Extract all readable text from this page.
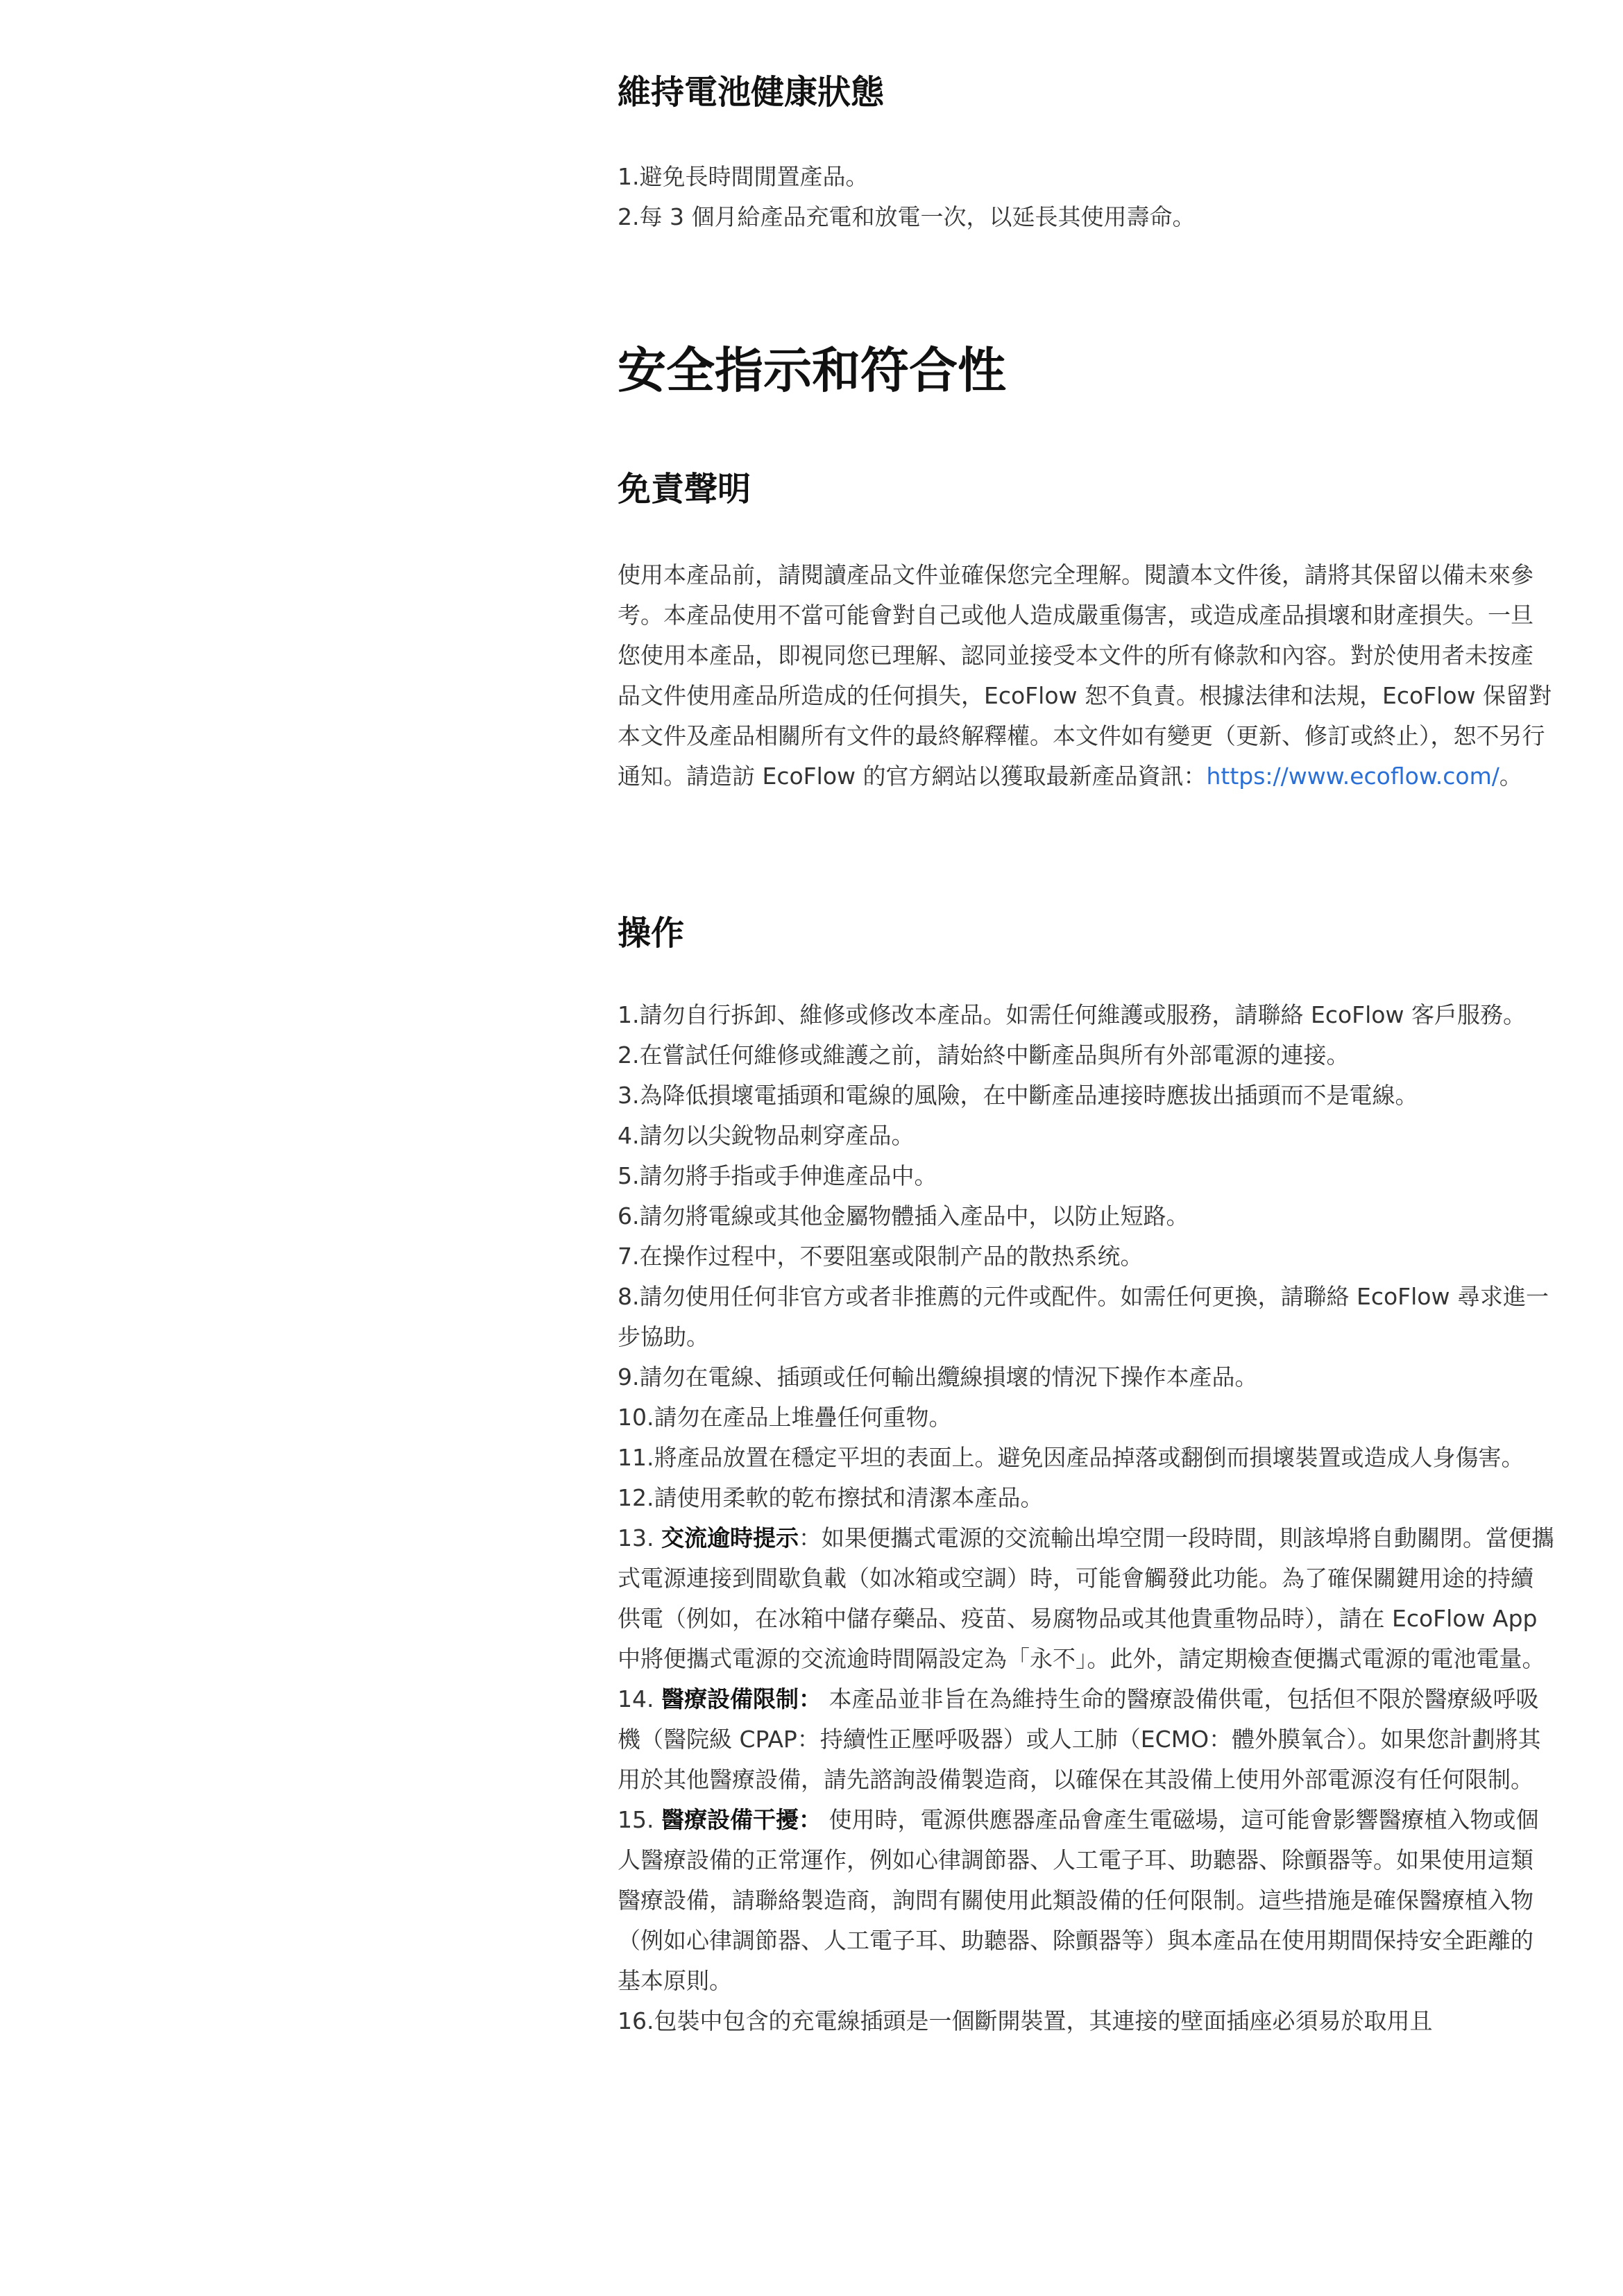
維持電池健康狀態
1.避免長時間閒置產品。
2.每 3 個月給產品充電和放電一次，以延長其使用壽命。
安全指示和符合性
免責聲明

使用本產品前，請閱讀產品文件並確保您完全理解。閱讀本文件後，請將其保留以備未來參考。本產品使用不當可能會對自己或他人造成嚴重傷害，或造成產品損壞和財產損失。一旦您使用本產品，即視同您已理解、認同並接受本文件的所有條款和內容。對於使用者未按產品文件使用產品所造成的任何損失，EcoFlow 恕不負責。根據法律和法規，EcoFlow 保留對本文件及產品相關所有文件的最終解釋權。本文件如有變更（更新、修訂或終止），恕不另行通知。請造訪 EcoFlow 的官方網站以獲取最新產品資訊：https://www.ecoflow.com/。

操作
1.請勿自行拆卸、維修或修改本產品。如需任何維護或服務，請聯絡 EcoFlow 客戶服務。
2.在嘗試任何維修或維護之前，請始終中斷產品與所有外部電源的連接。
3.為降低損壞電插頭和電線的風險，在中斷產品連接時應拔出插頭而不是電線。
4.請勿以尖銳物品刺穿產品。
5.請勿將手指或手伸進產品中。
6.請勿將電線或其他金屬物體插入產品中，以防止短路。
7.在操作过程中，不要阻塞或限制产品的散热系统。
8.請勿使用任何非官方或者非推薦的元件或配件。如需任何更換，請聯絡 EcoFlow 尋求進一步協助。
9.請勿在電線、插頭或任何輸出纜線損壞的情況下操作本產品。
10.請勿在產品上堆疊任何重物。
11.將產品放置在穩定平坦的表面上。避免因產品掉落或翻倒而損壞裝置或造成人身傷害。
12.請使用柔軟的乾布擦拭和清潔本產品。
13. 交流逾時提示：如果便攜式電源的交流輸出埠空閒一段時間，則該埠將自動關閉。當便攜式電源連接到間歇負載（如冰箱或空調）時，可能會觸發此功能。為了確保關鍵用途的持續供電（例如，在冰箱中儲存藥品、疫苗、易腐物品或其他貴重物品時），請在 EcoFlow App 中將便攜式電源的交流逾時間隔設定為「永不」。此外，請定期檢查便攜式電源的電池電量。
14. 醫療設備限制： 本產品並非旨在為維持生命的醫療設備供電，包括但不限於醫療級呼吸機（醫院級 CPAP：持續性正壓呼吸器）或人工肺（ECMO：體外膜氧合）。如果您計劃將其用於其他醫療設備，請先諮詢設備製造商，以確保在其設備上使用外部電源沒有任何限制。
15. 醫療設備干擾： 使用時，電源供應器產品會產生電磁場，這可能會影響醫療植入物或個人醫療設備的正常運作，例如心律調節器、人工電子耳、助聽器、除顫器等。如果使用這類醫療設備，請聯絡製造商，詢問有關使用此類設備的任何限制。這些措施是確保醫療植入物（例如心律調節器、人工電子耳、助聽器、除顫器等）與本產品在使用期間保持安全距離的基本原則。
16.包裝中包含的充電線插頭是一個斷開裝置，其連接的壁面插座必須易於取用且
